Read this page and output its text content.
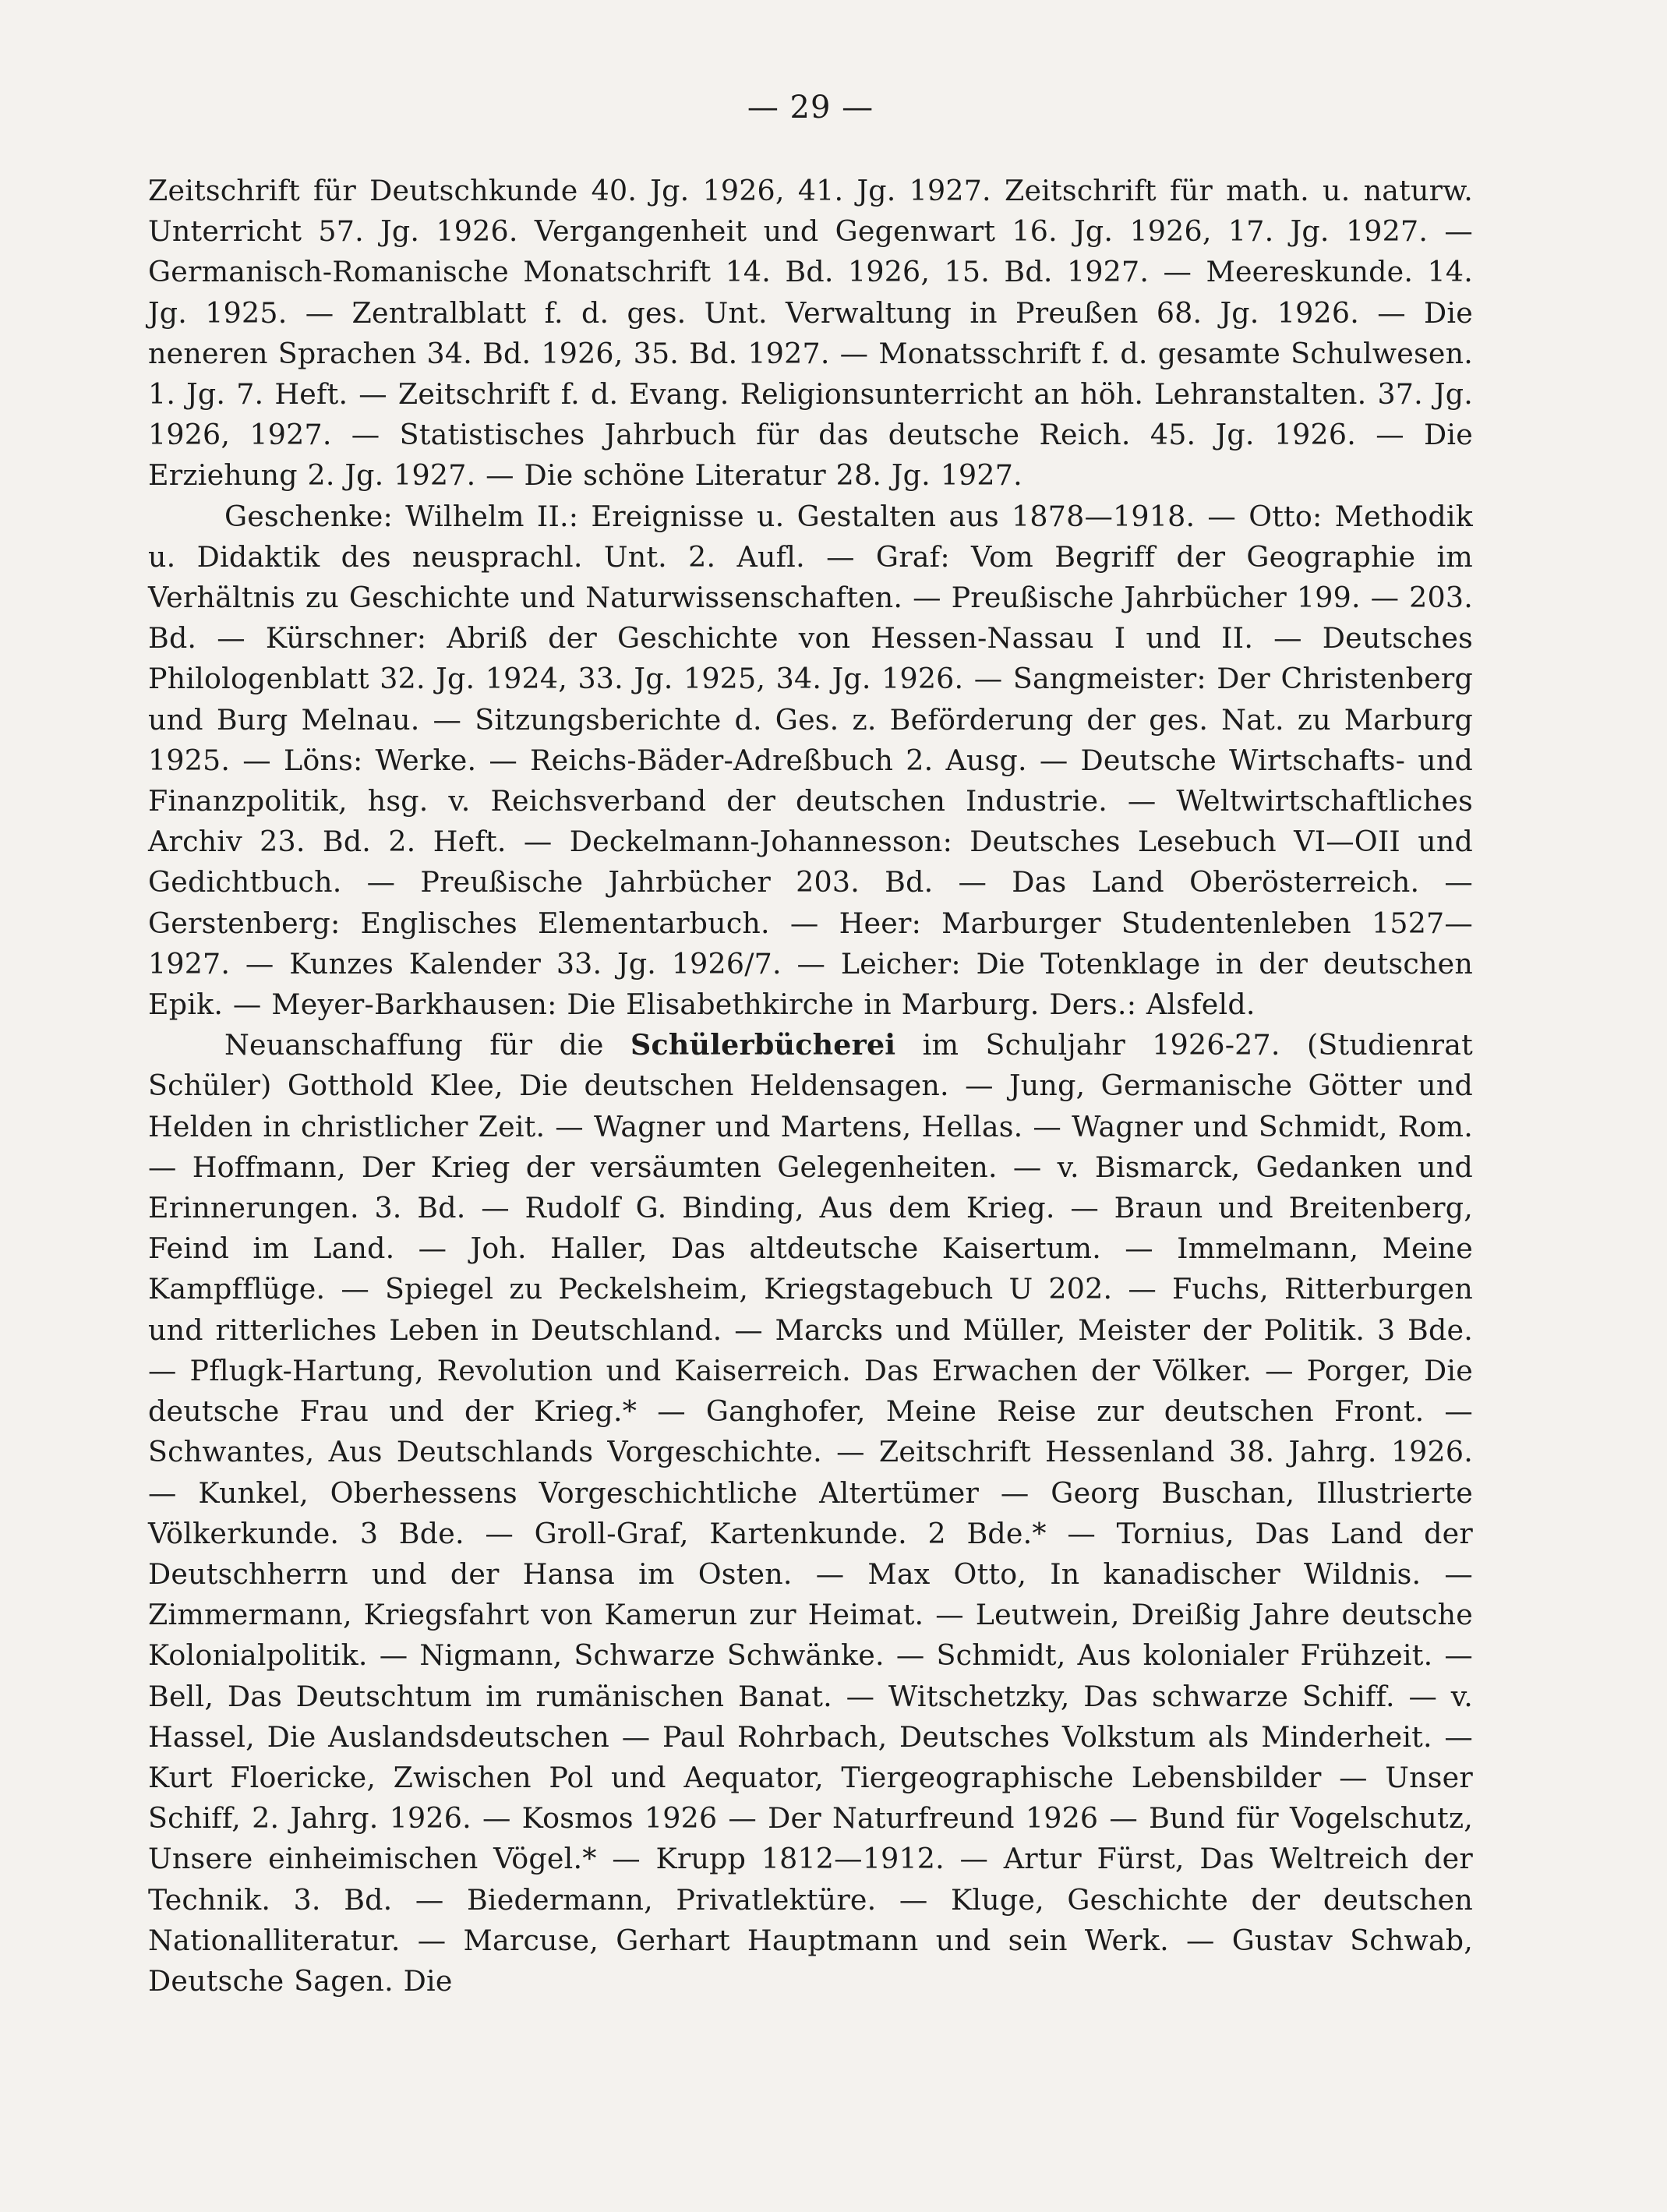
— 29 —

Zeitschrift für Deutschkunde 40. Jg. 1926, 41. Jg. 1927. Zeitschrift für math. u. naturw. Unterricht 57. Jg. 1926. Vergangenheit und Gegenwart 16. Jg. 1926, 17. Jg. 1927. — Germanisch-Romanische Monatschrift 14. Bd. 1926, 15. Bd. 1927. — Meereskunde. 14. Jg. 1925. — Zentralblatt f. d. ges. Unt. Verwaltung in Preußen 68. Jg. 1926. — Die neneren Sprachen 34. Bd. 1926, 35. Bd. 1927. — Monatsschrift f. d. gesamte Schulwesen. 1. Jg. 7. Heft. — Zeitschrift f. d. Evang. Religionsunterricht an höh. Lehranstalten. 37. Jg. 1926, 1927. — Statistisches Jahrbuch für das deutsche Reich. 45. Jg. 1926. — Die Erziehung 2. Jg. 1927. — Die schöne Literatur 28. Jg. 1927.

Geschenke: Wilhelm II.: Ereignisse u. Gestalten aus 1878—1918. — Otto: Methodik u. Didaktik des neusprachl. Unt. 2. Aufl. — Graf: Vom Begriff der Geographie im Verhältnis zu Geschichte und Naturwissenschaften. — Preußische Jahrbücher 199. — 203. Bd. — Kürschner: Abriß der Geschichte von Hessen-Nassau I und II. — Deutsches Philologenblatt 32. Jg. 1924, 33. Jg. 1925, 34. Jg. 1926. — Sangmeister: Der Christenberg und Burg Melnau. — Sitzungsberichte d. Ges. z. Beförderung der ges. Nat. zu Marburg 1925. — Löns: Werke. — Reichs-Bäder-Adreßbuch 2. Ausg. — Deutsche Wirtschafts- und Finanzpolitik, hsg. v. Reichsverband der deutschen Industrie. — Weltwirtschaftliches Archiv 23. Bd. 2. Heft. — Deckelmann-Johannesson: Deutsches Lesebuch VI—OII und Gedichtbuch. — Preußische Jahrbücher 203. Bd. — Das Land Oberösterreich. — Gerstenberg: Englisches Elementarbuch. — Heer: Marburger Studentenleben 1527—1927. — Kunzes Kalender 33. Jg. 1926/7. — Leicher: Die Totenklage in der deutschen Epik. — Meyer-Barkhausen: Die Elisabethkirche in Marburg. Ders.: Alsfeld.

Neuanschaffung für die Schülerbücherei im Schuljahr 1926-27. (Studienrat Schüler) Gotthold Klee, Die deutschen Heldensagen. — Jung, Germanische Götter und Helden in christlicher Zeit. — Wagner und Martens, Hellas. — Wagner und Schmidt, Rom. — Hoffmann, Der Krieg der versäumten Gelegenheiten. — v. Bismarck, Gedanken und Erinnerungen. 3. Bd. — Rudolf G. Binding, Aus dem Krieg. — Braun und Breitenberg, Feind im Land. — Joh. Haller, Das altdeutsche Kaisertum. — Immelmann, Meine Kampfflüge. — Spiegel zu Peckelsheim, Kriegstagebuch U 202. — Fuchs, Ritterburgen und ritterliches Leben in Deutschland. — Marcks und Müller, Meister der Politik. 3 Bde. — Pflugk-Hartung, Revolution und Kaiserreich. Das Erwachen der Völker. — Porger, Die deutsche Frau und der Krieg.* — Ganghofer, Meine Reise zur deutschen Front. — Schwantes, Aus Deutschlands Vorgeschichte. — Zeitschrift Hessenland 38. Jahrg. 1926. — Kunkel, Oberhessens Vorgeschichtliche Altertümer — Georg Buschan, Illustrierte Völkerkunde. 3 Bde. — Groll-Graf, Kartenkunde. 2 Bde.* — Tornius, Das Land der Deutschherrn und der Hansa im Osten. — Max Otto, In kanadischer Wildnis. — Zimmermann, Kriegsfahrt von Kamerun zur Heimat. — Leutwein, Dreißig Jahre deutsche Kolonialpolitik. — Nigmann, Schwarze Schwänke. — Schmidt, Aus kolonialer Frühzeit. — Bell, Das Deutschtum im rumänischen Banat. — Witschetzky, Das schwarze Schiff. — v. Hassel, Die Auslandsdeutschen — Paul Rohrbach, Deutsches Volkstum als Minderheit. — Kurt Floericke, Zwischen Pol und Aequator, Tiergeographische Lebensbilder — Unser Schiff, 2. Jahrg. 1926. — Kosmos 1926 — Der Naturfreund 1926 — Bund für Vogelschutz, Unsere einheimischen Vögel.* — Krupp 1812—1912. — Artur Fürst, Das Weltreich der Technik. 3. Bd. — Biedermann, Privatlektüre. — Kluge, Geschichte der deutschen Nationalliteratur. — Marcuse, Gerhart Hauptmann und sein Werk. — Gustav Schwab, Deutsche Sagen. Die
